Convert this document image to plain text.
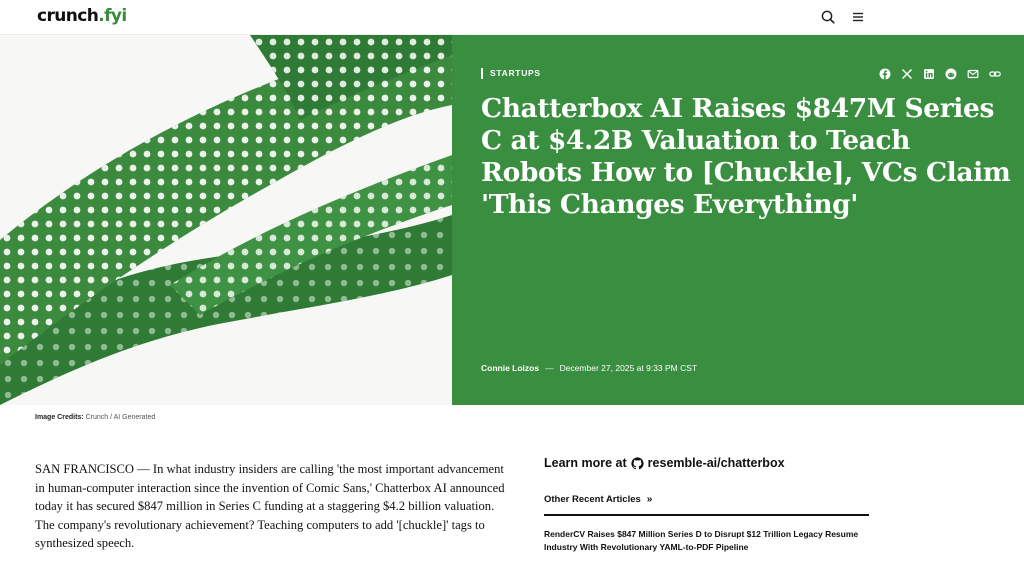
crunch.fyi
STARTUPS
Chatterbox AI Raises $847M Series C at $4.2B Valuation to Teach Robots How to [Chuckle], VCs Claim 'This Changes Everything'
Connie Loizos — December 27, 2025 at 9:33 PM CST
Image Credits: Crunch / AI Generated

SAN FRANCISCO — In what industry insiders are calling 'the most important advancement in human-computer interaction since the invention of Comic Sans,' Chatterbox AI announced today it has secured $847 million in Series C funding at a staggering $4.2 billion valuation. The company's revolutionary achievement? Teaching computers to add '[chuckle]' tags to synthesized speech.

Learn more at resemble-ai/chatterbox
Other Recent Articles »
RenderCV Raises $847 Million Series D to Disrupt $12 Trillion Legacy Resume Industry With Revolutionary YAML-to-PDF Pipeline
